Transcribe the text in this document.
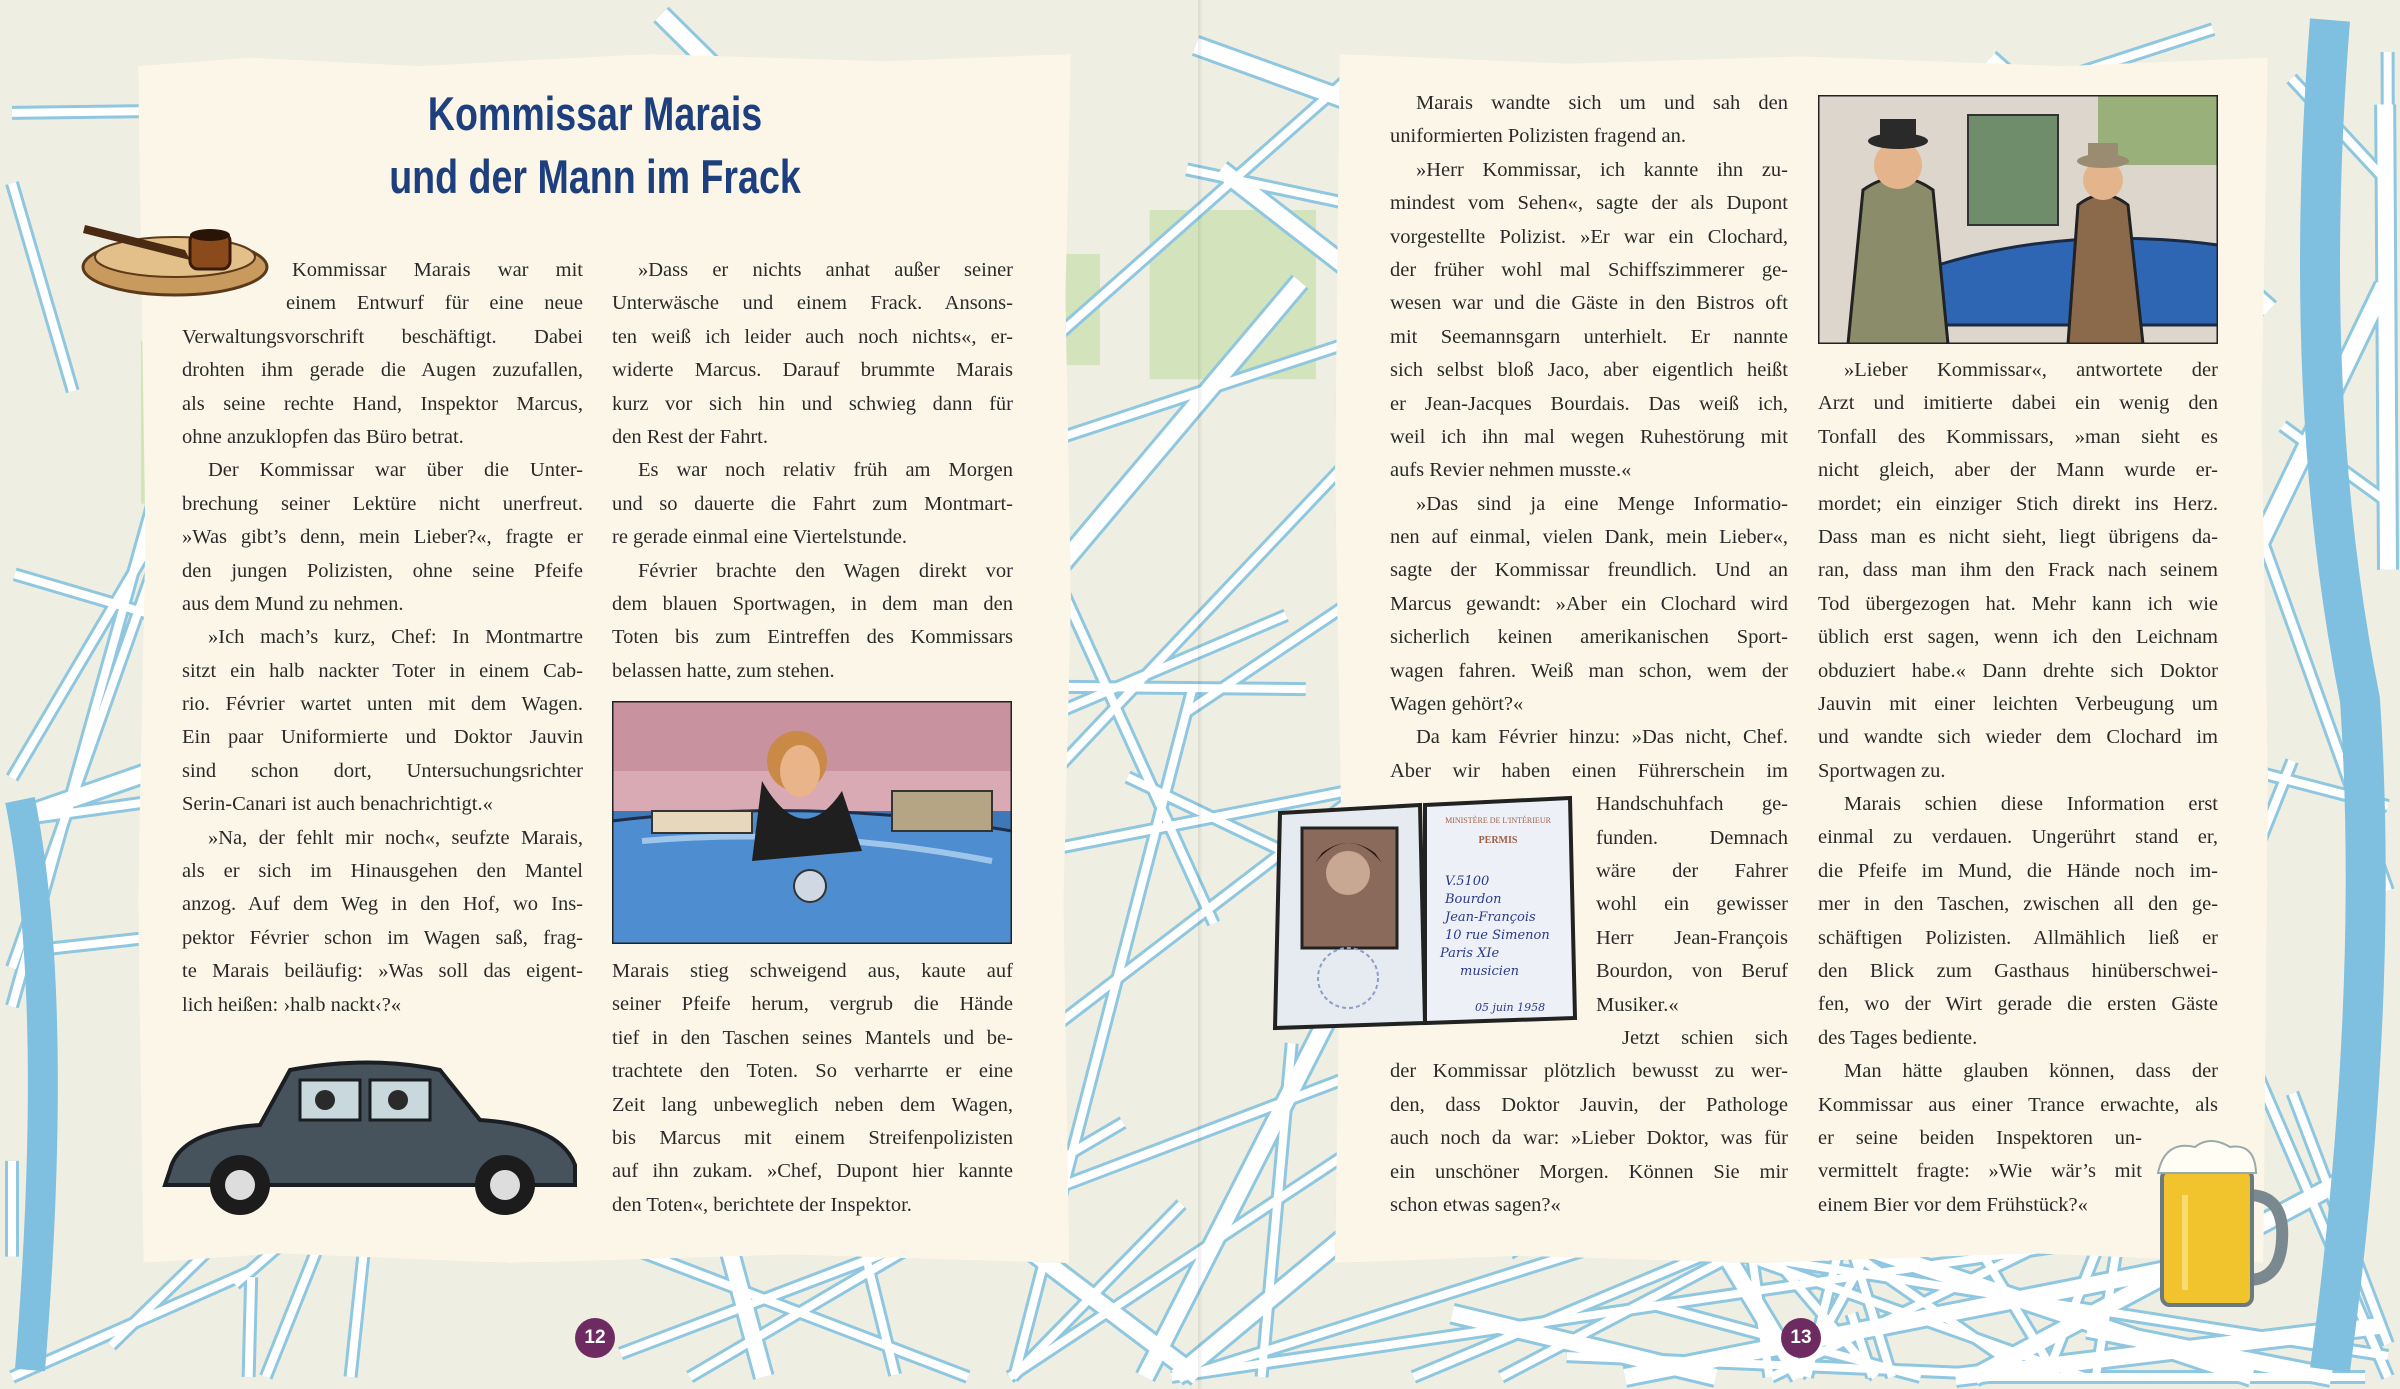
Kommissar Marais
und der Mann im Frack
Kommissar Marais war mit
einem Entwurf für eine neue
Verwaltungsvorschrift beschäftigt. Dabei
drohten ihm gerade die Augen zuzufallen,
als seine rechte Hand, Inspektor Marcus,
ohne anzuklopfen das Büro betrat.
Der Kommissar war über die Unter-
brechung seiner Lektüre nicht unerfreut.
»Was gibt’s denn, mein Lieber?«, fragte er
den jungen Polizisten, ohne seine Pfeife
aus dem Mund zu nehmen.
»Ich mach’s kurz, Chef: In Montmartre
sitzt ein halb nackter Toter in einem Cab-
rio. Février wartet unten mit dem Wagen.
Ein paar Uniformierte und Doktor Jauvin
sind schon dort, Untersuchungsrichter
Serin-Canari ist auch benachrichtigt.«
»Na, der fehlt mir noch«, seufzte Marais,
als er sich im Hinausgehen den Mantel
anzog. Auf dem Weg in den Hof, wo Ins-
pektor Février schon im Wagen saß, frag-
te Marais beiläufig: »Was soll das eigent-
lich heißen: ›halb nackt‹?«
»Dass er nichts anhat außer seiner
Unterwäsche und einem Frack. Ansons-
ten weiß ich leider auch noch nichts«, er-
widerte Marcus. Darauf brummte Marais
kurz vor sich hin und schwieg dann für
den Rest der Fahrt.
Es war noch relativ früh am Morgen
und so dauerte die Fahrt zum Montmart-
re gerade einmal eine Viertelstunde.
Février brachte den Wagen direkt vor
dem blauen Sportwagen, in dem man den
Toten bis zum Eintreffen des Kommissars
belassen hatte, zum stehen.
Marais stieg schweigend aus, kaute auf
seiner Pfeife herum, vergrub die Hände
tief in den Taschen seines Mantels und be-
trachtete den Toten. So verharrte er eine
Zeit lang unbeweglich neben dem Wagen,
bis Marcus mit einem Streifenpolizisten
auf ihn zukam. »Chef, Dupont hier kannte
den Toten«, berichtete der Inspektor.
12
Marais wandte sich um und sah den
uniformierten Polizisten fragend an.
»Herr Kommissar, ich kannte ihn zu-
mindest vom Sehen«, sagte der als Dupont
vorgestellte Polizist. »Er war ein Clochard,
der früher wohl mal Schiffszimmerer ge-
wesen war und die Gäste in den Bistros oft
mit Seemannsgarn unterhielt. Er nannte
sich selbst bloß Jaco, aber eigentlich heißt
er Jean-Jacques Bourdais. Das weiß ich,
weil ich ihn mal wegen Ruhestörung mit
aufs Revier nehmen musste.«
»Das sind ja eine Menge Informatio-
nen auf einmal, vielen Dank, mein Lieber«,
sagte der Kommissar freundlich. Und an
Marcus gewandt: »Aber ein Clochard wird
sicherlich keinen amerikanischen Sport-
wagen fahren. Weiß man schon, wem der
Wagen gehört?«
Da kam Février hinzu: »Das nicht, Chef.
Aber wir haben einen Führerschein im
Handschuhfach ge-
funden. Demnach
wäre der Fahrer
wohl ein gewisser
Herr Jean-François
Bourdon, von Beruf
Musiker.«
Jetzt schien sich
der Kommissar plötzlich bewusst zu wer-
den, dass Doktor Jauvin, der Pathologe
auch noch da war: »Lieber Doktor, was für
ein unschöner Morgen. Können Sie mir
schon etwas sagen?«
»Lieber Kommissar«, antwortete der
Arzt und imitierte dabei ein wenig den
Tonfall des Kommissars, »man sieht es
nicht gleich, aber der Mann wurde er-
mordet; ein einziger Stich direkt ins Herz.
Dass man es nicht sieht, liegt übrigens da-
ran, dass man ihm den Frack nach seinem
Tod übergezogen hat. Mehr kann ich wie
üblich erst sagen, wenn ich den Leichnam
obduziert habe.« Dann drehte sich Doktor
Jauvin mit einer leichten Verbeugung um
und wandte sich wieder dem Clochard im
Sportwagen zu.
Marais schien diese Information erst
einmal zu verdauen. Ungerührt stand er,
die Pfeife im Mund, die Hände noch im-
mer in den Taschen, zwischen all den ge-
schäftigen Polizisten. Allmählich ließ er
den Blick zum Gasthaus hinüberschwei-
fen, wo der Wirt gerade die ersten Gäste
des Tages bediente.
Man hätte glauben können, dass der
Kommissar aus einer Trance erwachte, als
er seine beiden Inspektoren un-
vermittelt fragte: »Wie wär’s mit
einem Bier vor dem Frühstück?«
MINISTÈRE DE L'INTÉRIEUR
PERMIS
V.5100
Bourdon
Jean-François
10 rue Simenon
Paris XIe
musicien
05 juin 1958
13
